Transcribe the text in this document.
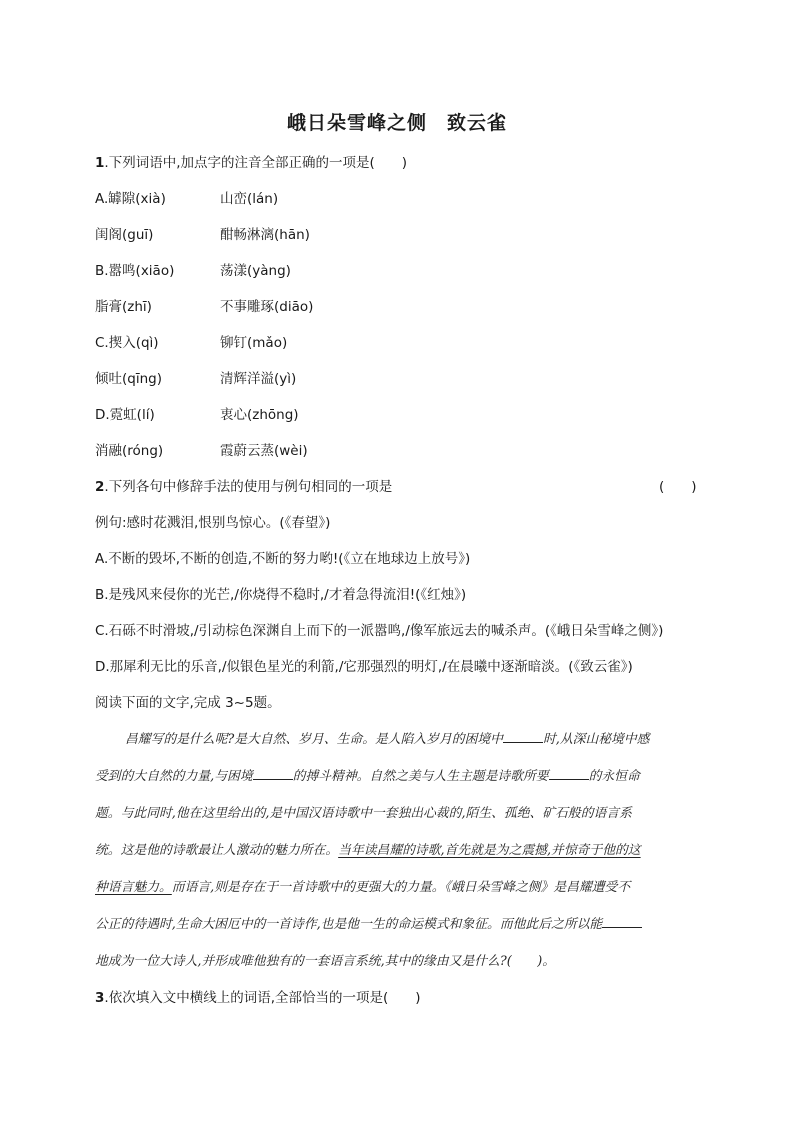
峨日朵雪峰之侧　致云雀
1.下列词语中,加点字的注音全部正确的一项是(　　)
A.罅隙(xià)	山峦(lán)
闺阁(guī)	酣畅淋漓(hān)
B.嚣鸣(xiāo)	荡漾(yàng)
脂膏(zhī)	不事雕琢(diāo)
C.揳入(qì)	铆钉(mǎo)
倾吐(qīng)	清辉洋溢(yì)
D.霓虹(lí)	衷心(zhōng)
消融(róng)	霞蔚云蒸(wèi)
2.下列各句中修辞手法的使用与例句相同的一项是	(　　)
例句:感时花溅泪,恨别鸟惊心。(《春望》)
A.不断的毁坏,不断的创造,不断的努力哟!(《立在地球边上放号》)
B.是残风来侵你的光芒,/你烧得不稳时,/才着急得流泪!(《红烛》)
C.石砾不时滑坡,/引动棕色深渊自上而下的一派嚣鸣,/像军旅远去的喊杀声。(《峨日朵雪峰之侧》)
D.那犀利无比的乐音,/似银色星光的利箭,/它那强烈的明灯,/在晨曦中逐渐暗淡。(《致云雀》)
阅读下面的文字,完成 3~5题。
昌耀写的是什么呢?是大自然、岁月、生命。是人陷入岁月的困境中	时,从深山秘境中感
受到的大自然的力量,与困境	的搏斗精神。自然之美与人生主题是诗歌所要	的永恒命
题。与此同时,他在这里给出的,是中国汉语诗歌中一套独出心裁的,陌生、孤绝、矿石般的语言系
统。这是他的诗歌最让人激动的魅力所在。当年读昌耀的诗歌,首先就是为之震撼,并惊奇于他的这
种语言魅力。而语言,则是存在于一首诗歌中的更强大的力量。《峨日朵雪峰之侧》是昌耀遭受不
公正的待遇时,生命大困厄中的一首诗作,也是他一生的命运模式和象征。而他此后之所以能
地成为一位大诗人,并形成唯他独有的一套语言系统,其中的缘由又是什么?(　　)。
3.依次填入文中横线上的词语,全部恰当的一项是(　　)
